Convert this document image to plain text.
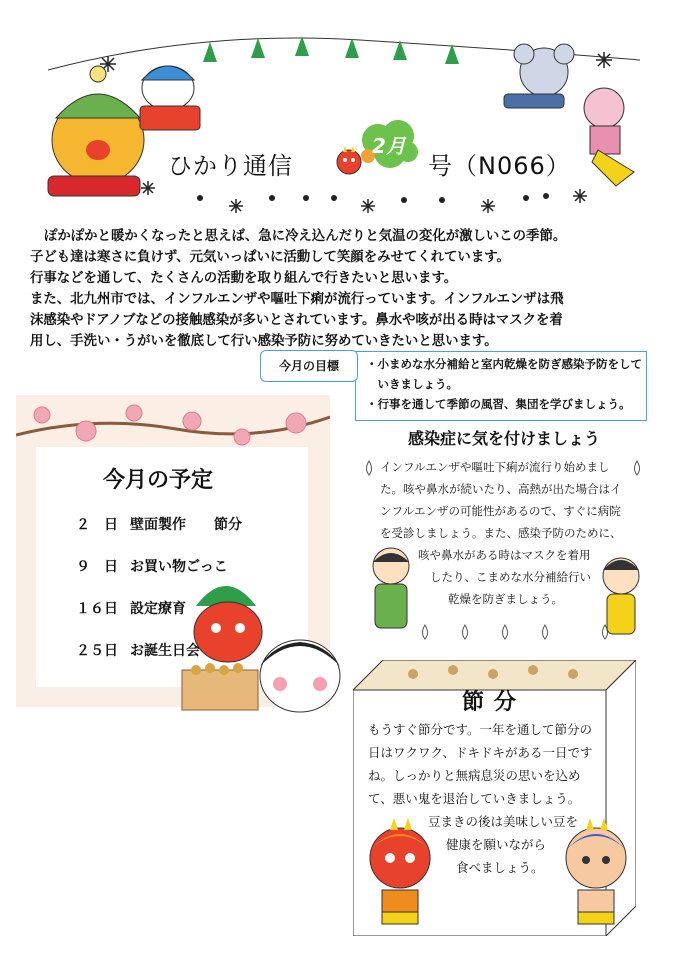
ひかり通信
2月
号（N066）

ぽかぽかと暖かくなったと思えば、急に冷え込んだりと気温の変化が激しいこの季節。

子ども達は寒さに負けず、元気いっぱいに活動して笑顔をみせてくれています。

行事などを通して、たくさんの活動を取り組んで行きたいと思います。

また、北九州市では、インフルエンザや嘔吐下痢が流行っています。インフルエンザは飛

沫感染やドアノブなどの接触感染が多いとされています。鼻水や咳が出る時はマスクを着

用し、手洗い・うがいを徹底して行い感染予防に努めていきたいと思います。

・小まめな水分補給と室内乾燥を防ぎ感染予防をして
　いきましょう。
・行事を通して季節の風習、集団を学びましょう。
今月の目標
今月の予定
２　日 壁面製作　　節分
９　日 お買い物ごっこ
１６日 設定療育
２５日 お誕生日会
感染症に気を付けましょう
インフルエンザや嘔吐下痢が流行り始めまし
た。咳や鼻水が続いたり、高熱が出た場合はイ
ンフルエンザの可能性があるので、すぐに病院
を受診しましょう。また、感染予防のために、
咳や鼻水がある時はマスクを着用
したり、こまめな水分補給行い
乾燥を防ぎましょう。
節分
もうすぐ節分です。一年を通して節分の
日はワクワク、ドキドキがある一日です
ね。しっかりと無病息災の思いを込め
て、悪い鬼を退治していきましょう。
豆まきの後は美味しい豆を
健康を願いながら
食べましょう。
